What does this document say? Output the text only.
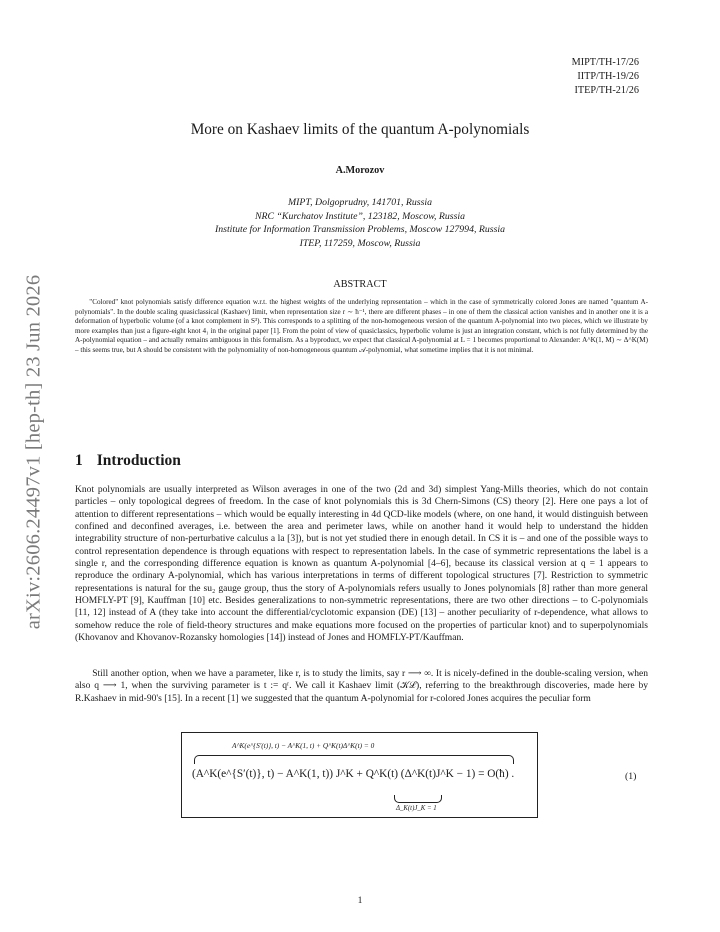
arXiv:2606.24497v1 [hep-th] 23 Jun 2026
MIPT/TH-17/26
IITP/TH-19/26
ITEP/TH-21/26
More on Kashaev limits of the quantum A-polynomials
A.Morozov
MIPT, Dolgoprudny, 141701, Russia
NRC “Kurchatov Institute”, 123182, Moscow, Russia
Institute for Information Transmission Problems, Moscow 127994, Russia
ITEP, 117259, Moscow, Russia
ABSTRACT

"Colored" knot polynomials satisfy difference equation w.r.t. the highest weights of the underlying representation – which in the case of symmetrically colored Jones are named "quantum A-polynomials". In the double scaling quasiclassical (Kashaev) limit, when representation size r ∼ ħ⁻¹, there are different phases – in one of them the classical action vanishes and in another one it is a deformation of hyperbolic volume (of a knot complement in S³). This corresponds to a splitting of the non-homogeneous version of the quantum A-polynomial into two pieces, which we illustrate by more examples than just a figure-eight knot 4₁ in the original paper [1]. From the point of view of quasiclassics, hyperbolic volume is just an integration constant, which is not fully determined by the A-polynomial equation – and actually remains ambiguous in this formalism. As a byproduct, we expect that classical A-polynomial at L = 1 becomes proportional to Alexander: A^K(1, M) ∼ Δ^K(M) – this seems true, but A should be consistent with the polynomiality of non-homogeneous quantum 𝒜-polynomial, what sometime implies that it is not minimal.

1 Introduction

Knot polynomials are usually interpreted as Wilson averages in one of the two (2d and 3d) simplest Yang-Mills theories, which do not contain particles – only topological degrees of freedom. In the case of knot polynomials this is 3d Chern-Simons (CS) theory [2]. Here one pays a lot of attention to different representations – which would be equally interesting in 4d QCD-like models (where, on one hand, it would distinguish between confined and deconfined averages, i.e. between the area and perimeter laws, while on another hand it would help to understand the hidden integrability structure of non-perturbative calculus a la [3]), but is not yet studied there in enough detail. In CS it is – and one of the possible ways to control representation dependence is through equations with respect to representation labels. In the case of symmetric representations the label is a single r, and the corresponding difference equation is known as quantum A-polynomial [4–6], because its classical version at q = 1 appears to reproduce the ordinary A-polynomial, which has various interpretations in terms of different topological structures [7]. Restriction to symmetric representations is natural for the su₂ gauge group, thus the story of A-polynomials refers usually to Jones polynomials [8] rather than more general HOMFLY-PT [9], Kauffman [10] etc. Besides generalizations to non-symmetric representations, there are two other directions – to C-polynomials [11, 12] instead of A (they take into account the differential/cyclotomic expansion (DE) [13] – another peculiarity of r-dependence, what allows to somehow reduce the role of field-theory structures and make equations more focused on the properties of particular knot) and to superpolynomials (Khovanov and Khovanov-Rozansky homologies [14]) instead of Jones and HOMFLY-PT/Kauffman.

Still another option, when we have a parameter, like r, is to study the limits, say r ⟶ ∞. It is nicely-defined in the double-scaling version, when also q ⟶ 1, when the surviving parameter is t := qʳ. We call it Kashaev limit (𝒦ℒ), referring to the breakthrough discoveries, made here by R.Kashaev in mid-90's [15]. In a recent [1] we suggested that the quantum A-polynomial for r-colored Jones acquires the peculiar form

A^K(e^{S′(t)}, t) − A^K(1, t) + Q^K(t)Δ^K(t) = 0
(A^K(e^{S′(t)}, t) − A^K(1, t)) J^K + Q^K(t) (Δ^K(t)J^K − 1) = O(ħ) .
Δ_K(t)J_K = 1
(1)
1
